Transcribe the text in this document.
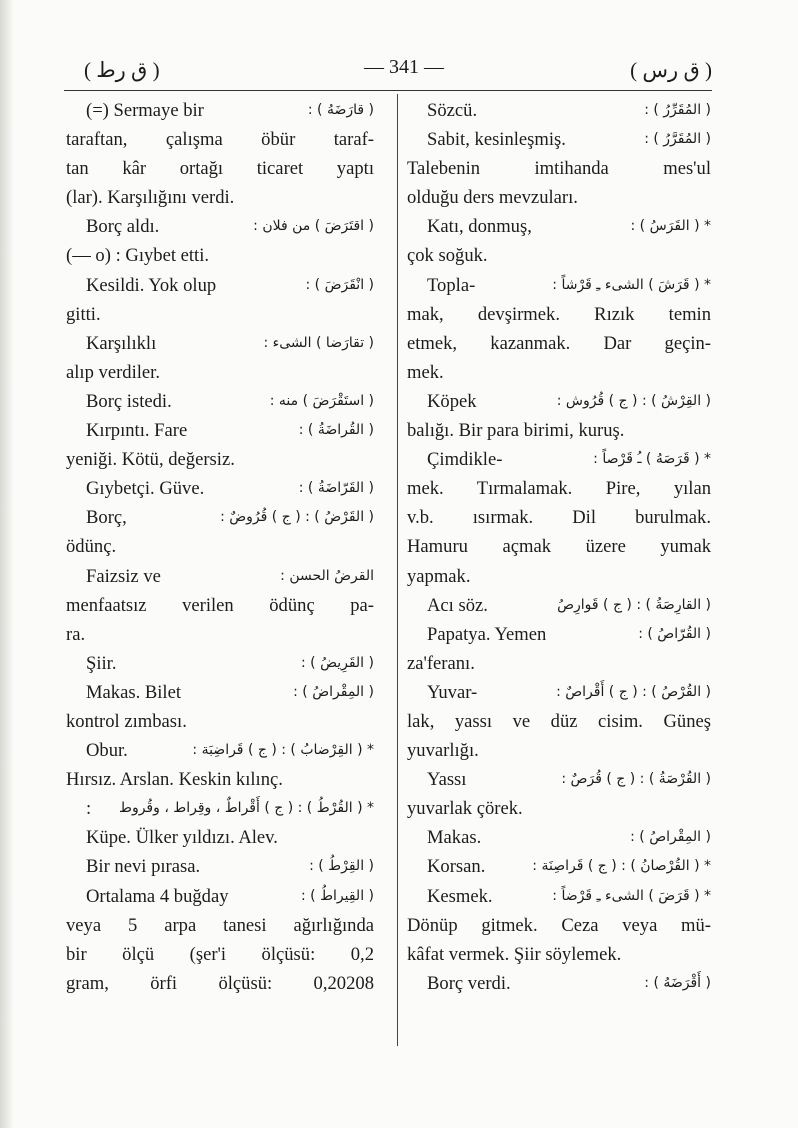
( ق رط )	— 341 —	( ق رس )
(=) Sermaye bir	( قارَضَهُ ) :
taraftan, çalışma öbür taraf-
tan kâr ortağı ticaret yaptı
(lar). Karşılığını verdi.
Borç aldı.	( اقتَرَضَ ) من فلان :
(— o) : Gıybet etti.
Kesildi. Yok olup	( انْقَرَضَ ) :
gitti.
Karşılıklı	( تقارَضا ) الشیء :
alıp verdiler.
Borç istedi.	( استَقْرَضَ ) منه :
Kırpıntı. Fare	( القُراضَةُ ) :
yeniği. Kötü, değersiz.
Gıybetçi. Güve.	( القَرّاضَةُ ) :
Borç,	( القَرْضُ ) : ( ج ) قُرُوضٌ :
ödünç.
Faizsiz ve	القرضُ الحسن :
menfaatsız verilen ödünç pa-
ra.
Şiir.	( القَرِيضُ ) :
Makas. Bilet	( المِقْراضُ ) :
kontrol zımbası.
Obur.	* ( القِرْضابُ ) : ( ج ) قَراضِبَة :
Hırsız. Arslan. Keskin kılınç.
: * ( القُرْطُ ) : ( ج ) أَقْراطٌ ، وقِراط ، وقُروط
Küpe. Ülker yıldızı. Alev.
Bir nevi pırasa.	( القِرْطُ ) :
Ortalama 4 buğday	( القِيراطُ ) :
veya 5 arpa tanesi ağırlığında
bir ölçü (şer'i ölçüsü: 0,2
gram, örfi ölçüsü: 0,20208
Sözcü.	( المُقَرِّرُ ) :
Sabit, kesinleşmiş.	( المُقَرَّرُ ) :
Talebenin imtihanda mes'ul
olduğu ders mevzuları.
Katı, donmuş,	* ( القَرَسُ ) :
çok soğuk.
Topla-	* ( قَرَشَ ) الشیء ـِ قَرْشاً :
mak, devşirmek. Rızık temin
etmek, kazanmak. Dar geçin-
mek.
Köpek	( القِرْشُ ) : ( ج ) قُرُوش :
balığı. Bir para birimi, kuruş.
Çimdikle-	* ( قَرَصَهُ ) ـُ قَرْصاً :
mek. Tırmalamak. Pire, yılan
v.b. ısırmak. Dil burulmak.
Hamuru açmak üzere yumak
yapmak.
Acı söz.	( القارِصَةُ ) : ( ج ) قَوارِصُ
Papatya. Yemen	( القُرّاصُ ) :
za'feranı.
Yuvar-	( القُرْصُ ) : ( ج ) أَقْراصٌ :
lak, yassı ve düz cisim. Güneş
yuvarlığı.
Yassı	( القُرْصَةُ ) : ( ج ) قُرَصٌ :
yuvarlak çörek.
Makas.	( المِقْراصُ ) :
Korsan.	* ( القُرْصانُ ) : ( ج ) قَراصِنَة :
Kesmek.	* ( قَرَضَ ) الشیء ـِ قَرْضاً :
Dönüp gitmek. Ceza veya mü-
kâfat vermek. Şiir söylemek.
Borç verdi.	( أَقْرَضَهُ ) :
